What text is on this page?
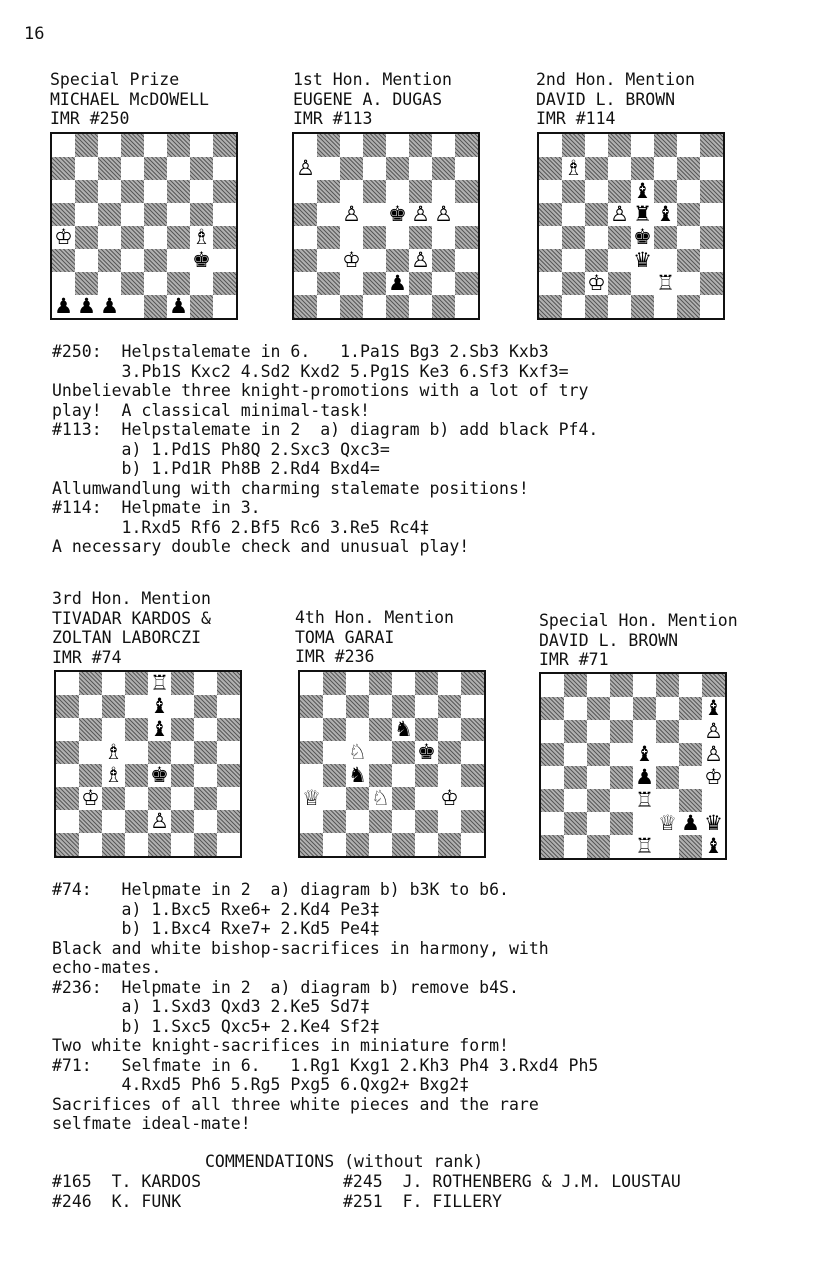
16
Special Prize
MICHAEL McDOWELL
IMR #250
1st Hon. Mention
EUGENE A. DUGAS
IMR #113
2nd Hon. Mention
DAVID L. BROWN
IMR #114
3rd Hon. Mention
TIVADAR KARDOS &
ZOLTAN LABORCZI
IMR #74
4th Hon. Mention
TOMA GARAI
IMR #236
Special Hon. Mention
DAVID L. BROWN
IMR #71
♔	♗
♚
♟ ♟ ♟ ♟
♙
♙ ♚ ♙ ♙
♔ ♙
♟
♗
♝
♙ ♜ ♝
♚
♛
♔ ♖
♖
♝
♝
♗
♗ ♚
♔
♙
♞
♘ ♚
♞
♕ ♘ ♔
♝
♙
♝ ♙
♟ ♔
♖
♕ ♟ ♛
♖ ♝
#250:  Helpstalemate in 6.   1.Pa1S Bg3 2.Sb3 Kxb3
3.Pb1S Kxc2 4.Sd2 Kxd2 5.Pg1S Ke3 6.Sf3 Kxf3=
Unbelievable three knight-promotions with a lot of try
play!  A classical minimal-task!
#113:  Helpstalemate in 2  a) diagram b) add black Pf4.
a) 1.Pd1S Ph8Q 2.Sxc3 Qxc3=
b) 1.Pd1R Ph8B 2.Rd4 Bxd4=
Allumwandlung with charming stalemate positions!
#114:  Helpmate in 3.
1.Rxd5 Rf6 2.Bf5 Rc6 3.Re5 Rc4‡
A necessary double check and unusual play!
#74:   Helpmate in 2  a) diagram b) b3K to b6.
a) 1.Bxc5 Rxe6+ 2.Kd4 Pe3‡
b) 1.Bxc4 Rxe7+ 2.Kd5 Pe4‡
Black and white bishop-sacrifices in harmony, with
echo-mates.
#236:  Helpmate in 2  a) diagram b) remove b4S.
a) 1.Sxd3 Qxd3 2.Ke5 Sd7‡
b) 1.Sxc5 Qxc5+ 2.Ke4 Sf2‡
Two white knight-sacrifices in miniature form!
#71:   Selfmate in 6.   1.Rg1 Kxg1 2.Kh3 Ph4 3.Rxd4 Ph5
4.Rxd5 Ph6 5.Rg5 Pxg5 6.Qxg2+ Bxg2‡
Sacrifices of all three white pieces and the rare
selfmate ideal-mate!
COMMENDATIONS (without rank)
#165  T. KARDOS
#246  K. FUNK
#245  J. ROTHENBERG & J.M. LOUSTAU
#251  F. FILLERY
